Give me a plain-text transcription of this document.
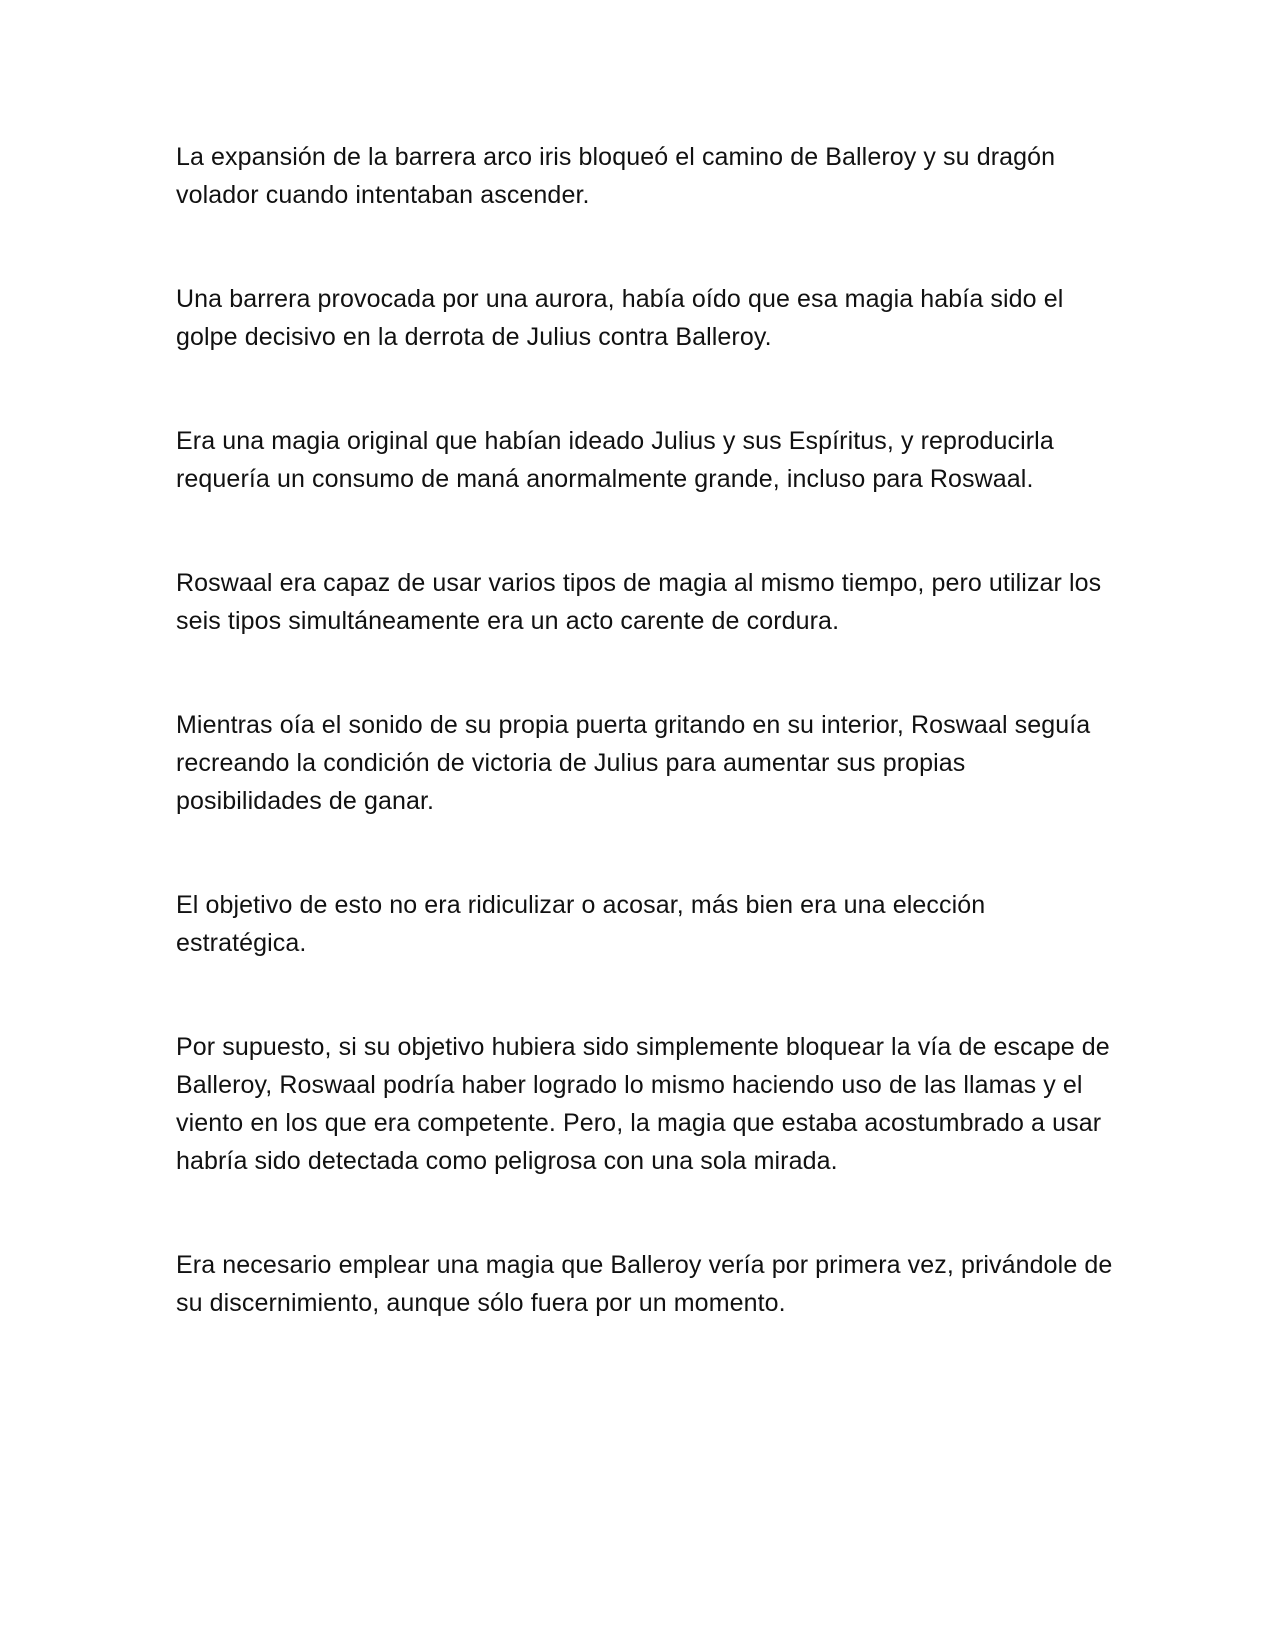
La expansión de la barrera arco iris bloqueó el camino de Balleroy y su dragón volador cuando intentaban ascender.

Una barrera provocada por una aurora, había oído que esa magia había sido el golpe decisivo en la derrota de Julius contra Balleroy.

Era una magia original que habían ideado Julius y sus Espíritus, y reproducirla requería un consumo de maná anormalmente grande, incluso para Roswaal.

Roswaal era capaz de usar varios tipos de magia al mismo tiempo, pero utilizar los seis tipos simultáneamente era un acto carente de cordura.

Mientras oía el sonido de su propia puerta gritando en su interior, Roswaal seguía recreando la condición de victoria de Julius para aumentar sus propias posibilidades de ganar.

El objetivo de esto no era ridiculizar o acosar, más bien era una elección estratégica.

Por supuesto, si su objetivo hubiera sido simplemente bloquear la vía de escape de Balleroy, Roswaal podría haber logrado lo mismo haciendo uso de las llamas y el viento en los que era competente. Pero, la magia que estaba acostumbrado a usar habría sido detectada como peligrosa con una sola mirada.

Era necesario emplear una magia que Balleroy vería por primera vez, privándole de su discernimiento, aunque sólo fuera por un momento.
